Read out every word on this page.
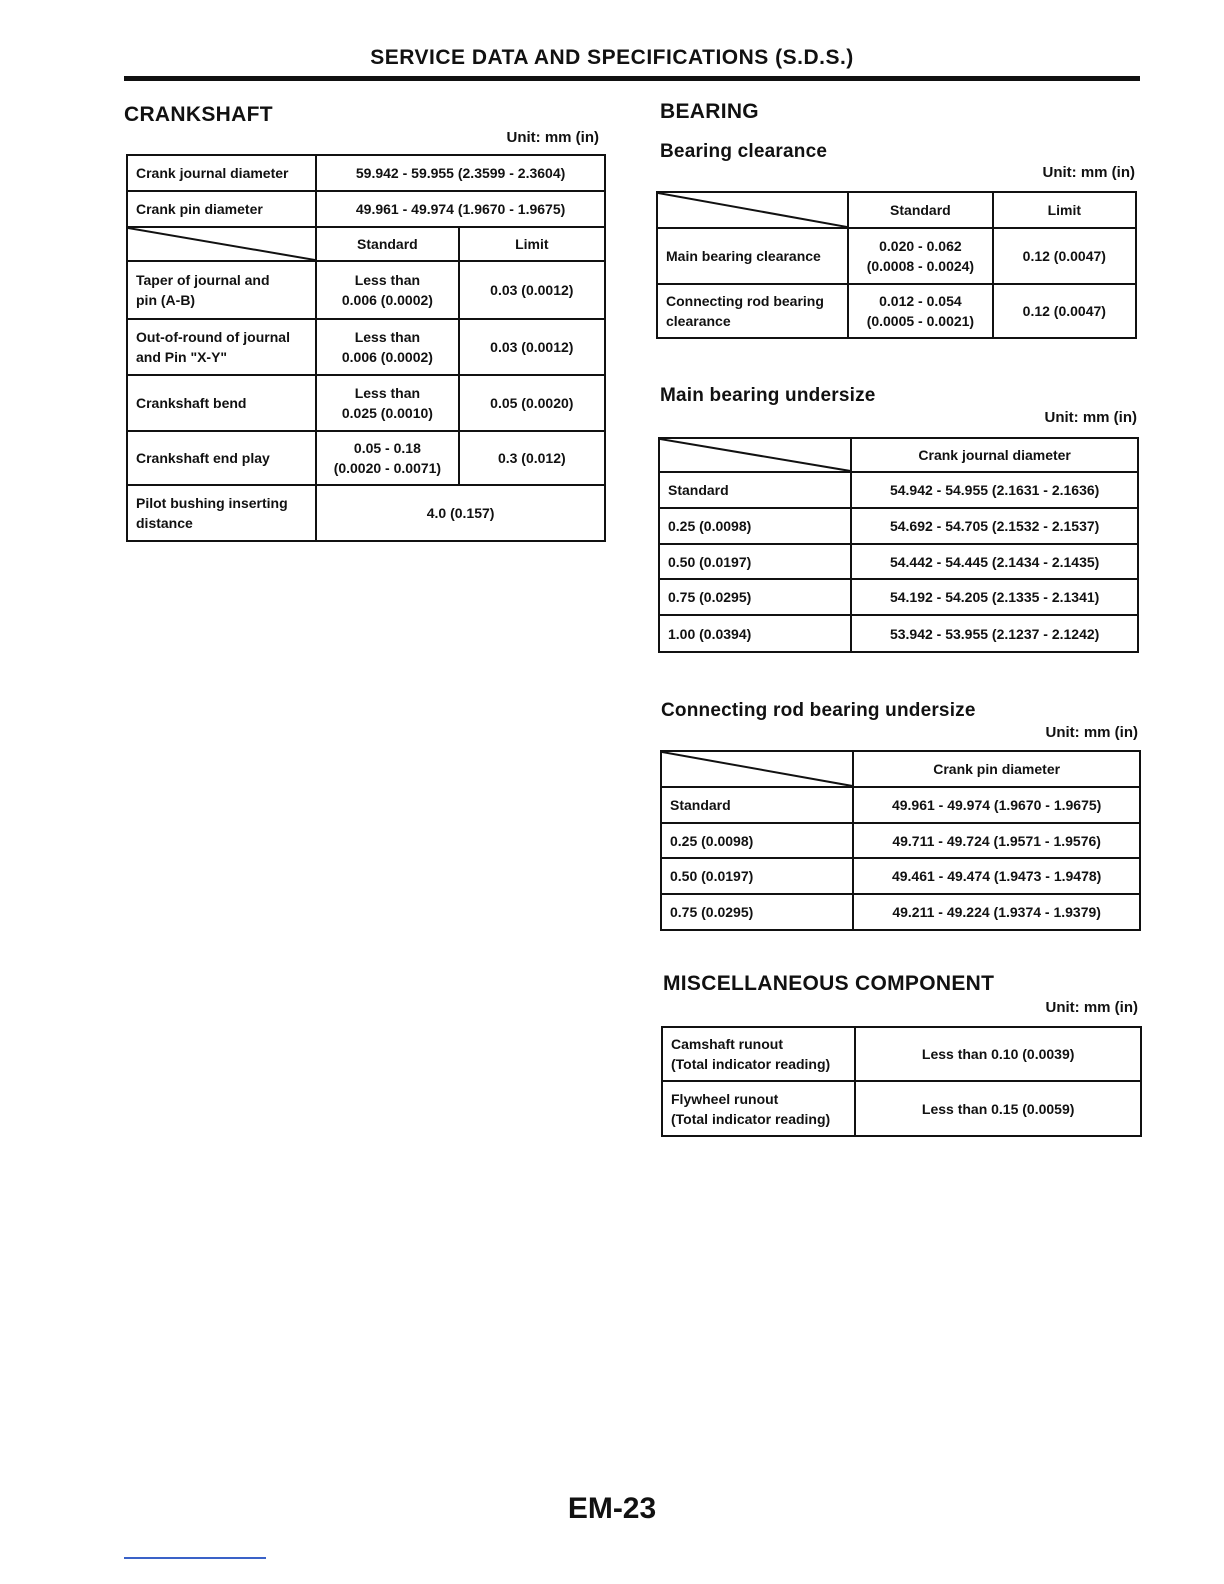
SERVICE DATA AND SPECIFICATIONS (S.D.S.)
CRANKSHAFT
Unit: mm (in)
Crank journal diameter	59.942 - 59.955 (2.3599 - 2.3604)	
Crank pin diameter	49.961 - 49.974 (1.9670 - 1.9675)	

	Standard	Limit
Taper of journal and
pin (A-B)	Less than
0.006 (0.0002)	0.03 (0.0012)
Out-of-round of journal
and Pin "X-Y"	Less than
0.006 (0.0002)	0.03 (0.0012)
Crankshaft bend	Less than
0.025 (0.0010)	0.05 (0.0020)
Crankshaft end play	0.05 - 0.18
(0.0020 - 0.0071)	0.3 (0.012)
Pilot bushing inserting
distance	4.0 (0.157)	
BEARING
Bearing clearance
Unit: mm (in)
	Standard	Limit
Main bearing clearance	0.020 - 0.062
(0.0008 - 0.0024)	0.12 (0.0047)
Connecting rod bearing
clearance	0.012 - 0.054
(0.0005 - 0.0021)	0.12 (0.0047)
Main bearing undersize
Unit: mm (in)
	Crank journal diameter
Standard	54.942 - 54.955 (2.1631 - 2.1636)
0.25 (0.0098)	54.692 - 54.705 (2.1532 - 2.1537)
0.50 (0.0197)	54.442 - 54.445 (2.1434 - 2.1435)
0.75 (0.0295)	54.192 - 54.205 (2.1335 - 2.1341)
1.00 (0.0394)	53.942 - 53.955 (2.1237 - 2.1242)
Connecting rod bearing undersize
Unit: mm (in)
	Crank pin diameter
Standard	49.961 - 49.974 (1.9670 - 1.9675)
0.25 (0.0098)	49.711 - 49.724 (1.9571 - 1.9576)
0.50 (0.0197)	49.461 - 49.474 (1.9473 - 1.9478)
0.75 (0.0295)	49.211 - 49.224 (1.9374 - 1.9379)
MISCELLANEOUS COMPONENT
Unit: mm (in)
Camshaft runout
(Total indicator reading)	Less than 0.10 (0.0039)
Flywheel runout
(Total indicator reading)	Less than 0.15 (0.0059)
EM-23
